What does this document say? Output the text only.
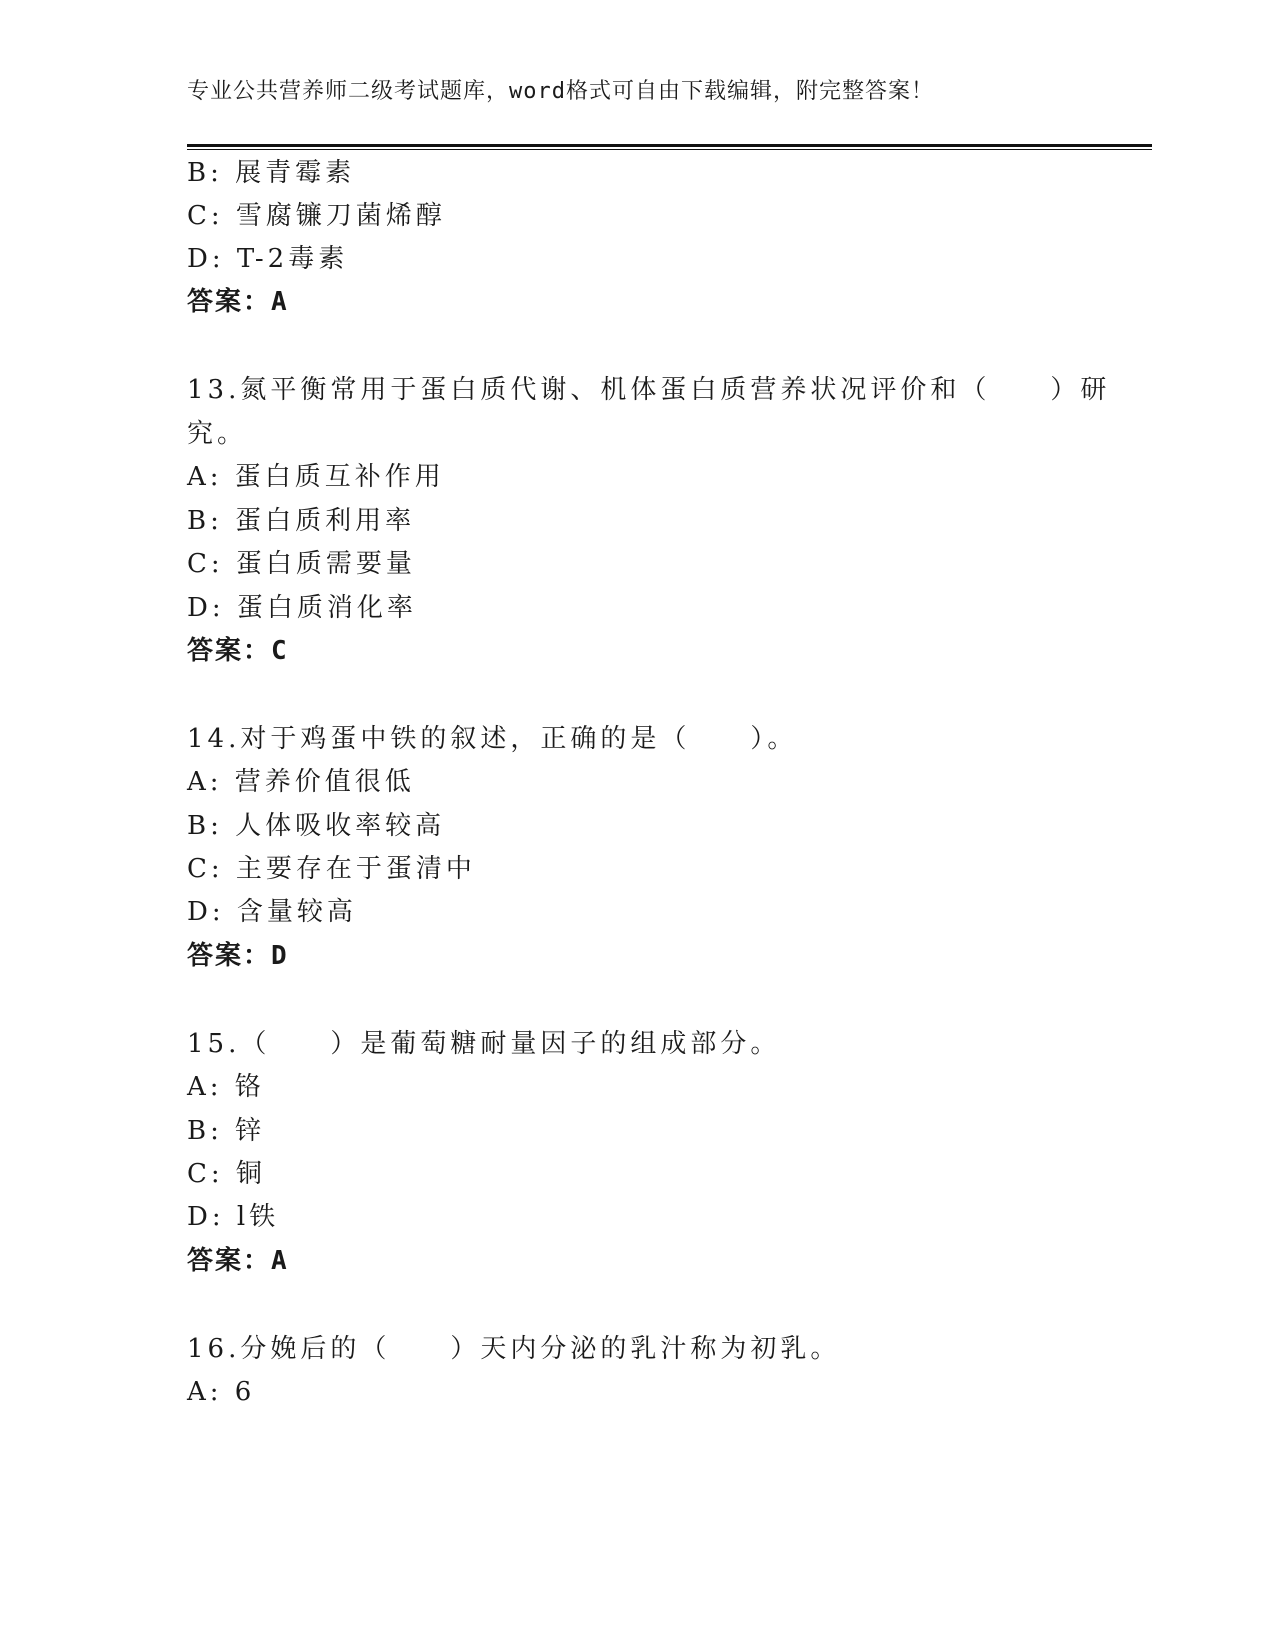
专业公共营养师二级考试题库，word格式可自由下载编辑，附完整答案！
B: 展青霉素
C: 雪腐镰刀菌烯醇
D: T-2毒素
答案：A
13.氮平衡常用于蛋白质代谢、机体蛋白质营养状况评价和（　　）研
究。
A: 蛋白质互补作用
B: 蛋白质利用率
C: 蛋白质需要量
D: 蛋白质消化率
答案：C
14.对于鸡蛋中铁的叙述，正确的是（　　）。
A: 营养价值很低
B: 人体吸收率较高
C: 主要存在于蛋清中
D: 含量较高
答案：D
15.（　　）是葡萄糖耐量因子的组成部分。
A: 铬
B: 锌
C: 铜
D: l铁
答案：A
16.分娩后的（　　）天内分泌的乳汁称为初乳。
A: 6
